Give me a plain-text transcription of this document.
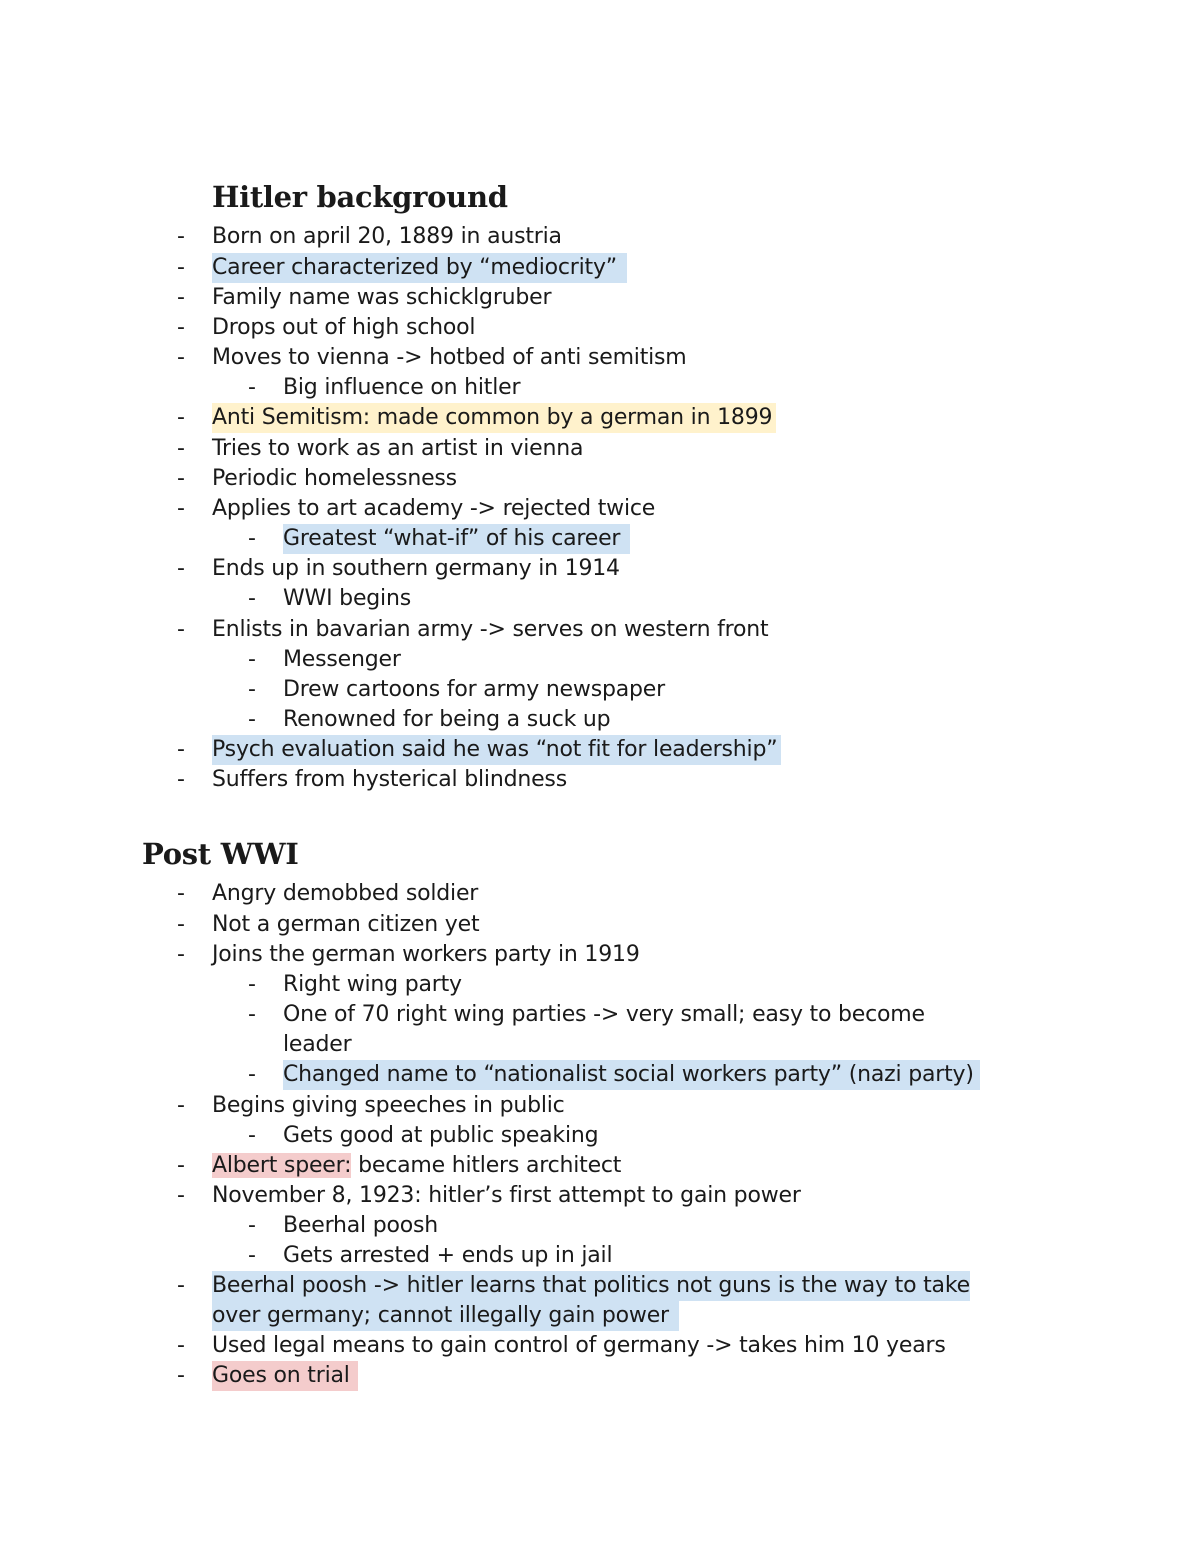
Hitler background
- Born on april 20, 1889 in austria
- Career characterized by “mediocrity”
- Family name was schicklgruber
- Drops out of high school
- Moves to vienna -> hotbed of anti semitism
- Big influence on hitler
- Anti Semitism: made common by a german in 1899
- Tries to work as an artist in vienna
- Periodic homelessness
- Applies to art academy -> rejected twice
- Greatest “what-if” of his career
- Ends up in southern germany in 1914
- WWI begins
- Enlists in bavarian army -> serves on western front
- Messenger
- Drew cartoons for army newspaper
- Renowned for being a suck up
- Psych evaluation said he was “not fit for leadership”
- Suffers from hysterical blindness
Post WWI
- Angry demobbed soldier
- Not a german citizen yet
- Joins the german workers party in 1919
- Right wing party
- One of 70 right wing parties -> very small; easy to become
leader
- Changed name to “nationalist social workers party” (nazi party)
- Begins giving speeches in public
- Gets good at public speaking
- Albert speer: became hitlers architect
- November 8, 1923: hitler’s first attempt to gain power
- Beerhal poosh
- Gets arrested + ends up in jail
- Beerhal poosh -> hitler learns that politics not guns is the way to take
over germany; cannot illegally gain power
- Used legal means to gain control of germany -> takes him 10 years
- Goes on trial
